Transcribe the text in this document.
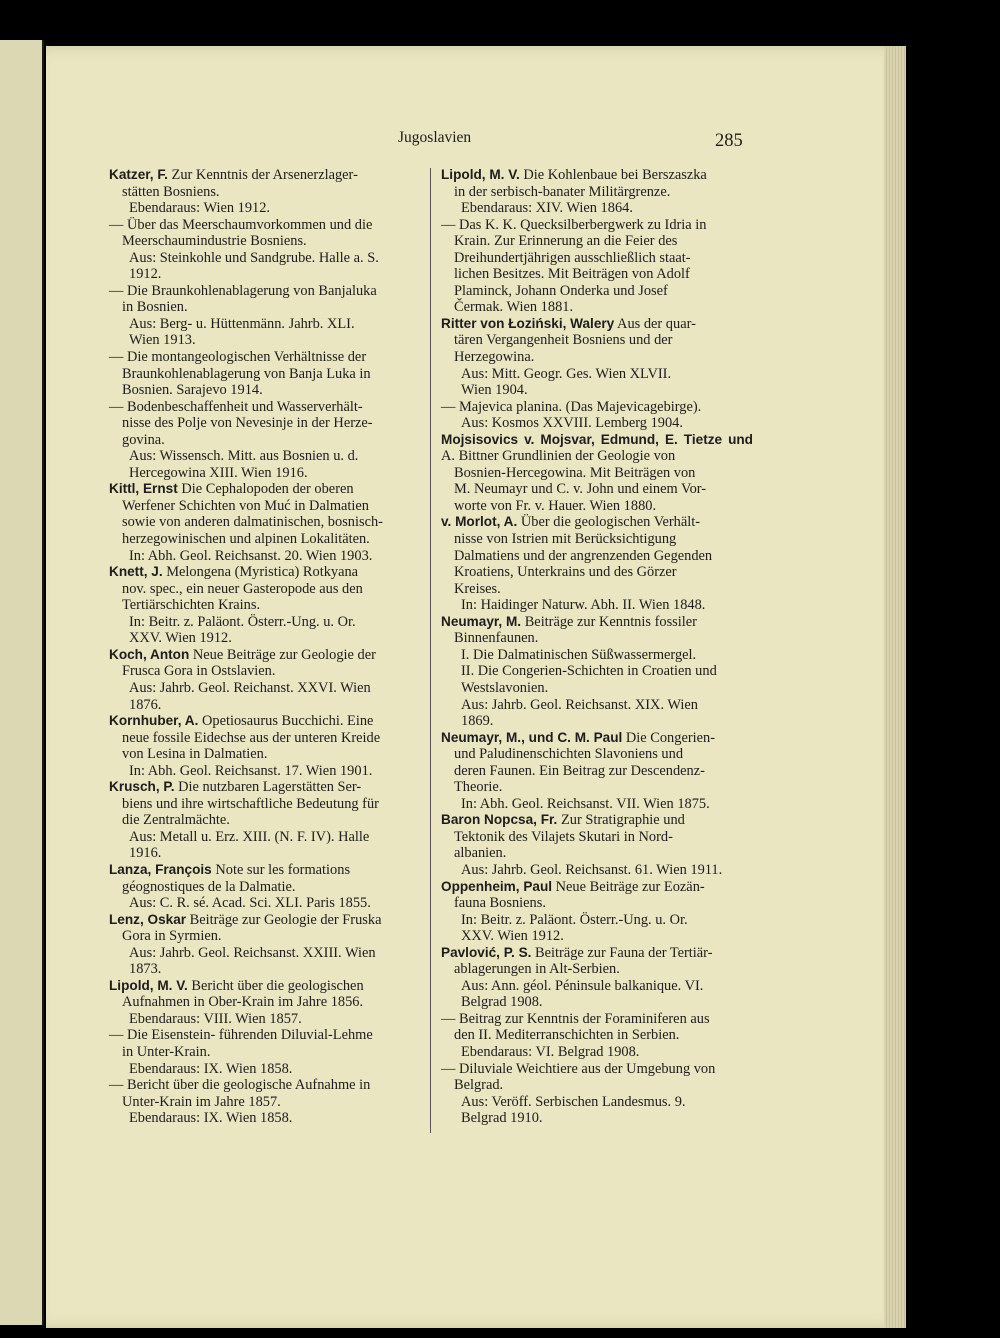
Jugoslavien	285
Katzer, F. Zur Kenntnis der Arsenerzlager-
stätten Bosniens.
Ebendaraus: Wien 1912.
— Über das Meerschaumvorkommen und die
Meerschaumindustrie Bosniens.
Aus: Steinkohle und Sandgrube. Halle a. S.
1912.
— Die Braunkohlenablagerung von Banjaluka
in Bosnien.
Aus: Berg- u. Hüttenmänn. Jahrb. XLI.
Wien 1913.
— Die montangeologischen Verhältnisse der
Braunkohlenablagerung von Banja Luka in
Bosnien. Sarajevo 1914.
— Bodenbeschaffenheit und Wasserverhält-
nisse des Polje von Nevesinje in der Herze-
govina.
Aus: Wissensch. Mitt. aus Bosnien u. d.
Hercegowina XIII. Wien 1916.
Kittl, Ernst Die Cephalopoden der oberen
Werfener Schichten von Muć in Dalmatien
sowie von anderen dalmatinischen, bosnisch-
herzegowinischen und alpinen Lokalitäten.
In: Abh. Geol. Reichsanst. 20. Wien 1903.
Knett, J. Melongena (Myristica) Rotkyana
nov. spec., ein neuer Gasteropode aus den
Tertiärschichten Krains.
In: Beitr. z. Paläont. Österr.-Ung. u. Or.
XXV. Wien 1912.
Koch, Anton Neue Beiträge zur Geologie der
Frusca Gora in Ostslavien.
Aus: Jahrb. Geol. Reichanst. XXVI. Wien
1876.
Kornhuber, A. Opetiosaurus Bucchichi. Eine
neue fossile Eidechse aus der unteren Kreide
von Lesina in Dalmatien.
In: Abh. Geol. Reichsanst. 17. Wien 1901.
Krusch, P. Die nutzbaren Lagerstätten Ser-
biens und ihre wirtschaftliche Bedeutung für
die Zentralmächte.
Aus: Metall u. Erz. XIII. (N. F. IV). Halle
1916.
Lanza, François Note sur les formations
géognostiques de la Dalmatie.
Aus: C. R. sé. Acad. Sci. XLI. Paris 1855.
Lenz, Oskar Beiträge zur Geologie der Fruska
Gora in Syrmien.
Aus: Jahrb. Geol. Reichsanst. XXIII. Wien
1873.
Lipold, M. V. Bericht über die geologischen
Aufnahmen in Ober-Krain im Jahre 1856.
Ebendaraus: VIII. Wien 1857.
— Die Eisenstein- führenden Diluvial-Lehme
in Unter-Krain.
Ebendaraus: IX. Wien 1858.
— Bericht über die geologische Aufnahme in
Unter-Krain im Jahre 1857.
Ebendaraus: IX. Wien 1858.
Lipold, M. V. Die Kohlenbaue bei Berszaszka
in der serbisch-banater Militärgrenze.
Ebendaraus: XIV. Wien 1864.
— Das K. K. Quecksilberbergwerk zu Idria in
Krain. Zur Erinnerung an die Feier des
Dreihundertjährigen ausschließlich staat-
lichen Besitzes. Mit Beiträgen von Adolf
Plaminck, Johann Onderka und Josef
Čermak. Wien 1881.
Ritter von Łoziński, Walery Aus der quar-
tären Vergangenheit Bosniens und der
Herzegowina.
Aus: Mitt. Geogr. Ges. Wien XLVII.
Wien 1904.
— Majevica planina. (Das Majevicagebirge).
Aus: Kosmos XXVIII. Lemberg 1904.
Mojsisovics v. Mojsvar, Edmund, E. Tietze und A. Bittner Grundlinien der Geologie von
Bosnien-Hercegowina. Mit Beiträgen von
M. Neumayr und C. v. John und einem Vor-
worte von Fr. v. Hauer. Wien 1880.
v. Morlot, A. Über die geologischen Verhält-
nisse von Istrien mit Berücksichtigung
Dalmatiens und der angrenzenden Gegenden
Kroatiens, Unterkrains und des Görzer
Kreises.
In: Haidinger Naturw. Abh. II. Wien 1848.
Neumayr, M. Beiträge zur Kenntnis fossiler
Binnenfaunen.
I. Die Dalmatinischen Süßwassermergel.
II. Die Congerien-Schichten in Croatien und
Westslavonien.
Aus: Jahrb. Geol. Reichsanst. XIX. Wien
1869.
Neumayr, M., und C. M. Paul Die Congerien-
und Paludinenschichten Slavoniens und
deren Faunen. Ein Beitrag zur Descendenz-
Theorie.
In: Abh. Geol. Reichsanst. VII. Wien 1875.
Baron Nopcsa, Fr. Zur Stratigraphie und
Tektonik des Vilajets Skutari in Nord-
albanien.
Aus: Jahrb. Geol. Reichsanst. 61. Wien 1911.
Oppenheim, Paul Neue Beiträge zur Eozän-
fauna Bosniens.
In: Beitr. z. Paläont. Österr.-Ung. u. Or.
XXV. Wien 1912.
Pavlović, P. S. Beiträge zur Fauna der Tertiär-
ablagerungen in Alt-Serbien.
Aus: Ann. géol. Péninsule balkanique. VI.
Belgrad 1908.
— Beitrag zur Kenntnis der Foraminiferen aus
den II. Mediterranschichten in Serbien.
Ebendaraus: VI. Belgrad 1908.
— Diluviale Weichtiere aus der Umgebung von
Belgrad.
Aus: Veröff. Serbischen Landesmus. 9.
Belgrad 1910.
